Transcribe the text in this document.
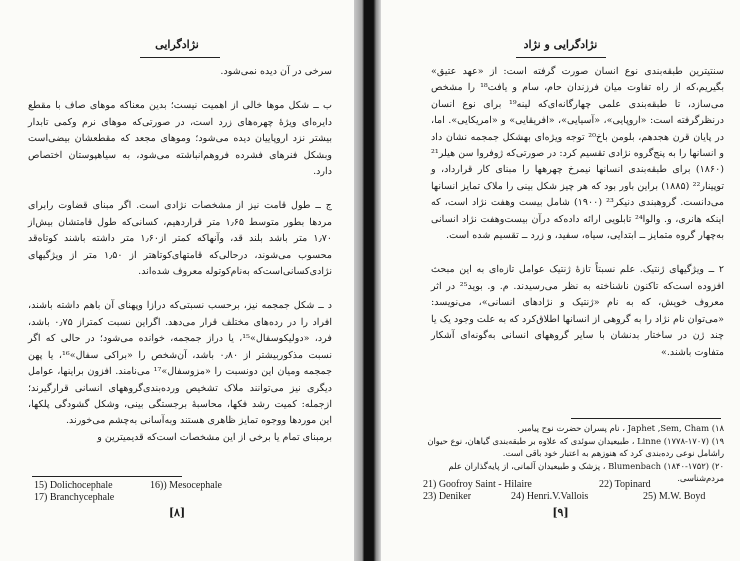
نژادگرایی

سرخی در آن دیده نمی‌شود.

ب ــ شکل موها خالی از اهمیت نیست؛ بدین معناکه موهای صاف با مقطع دایره‌ای ویژهٔ چهره‌های زرد است، در صورتی‌که موهای نرم وکمی تابدار بیشتر نزد اروپاییان دیده می‌شود؛ وموهای مجعد که مقطعشان بیضی‌است وبشکل فنرهای فشرده فروهم‌انباشته می‌شود، به سیاهپوستان اختصاص دارد.

ج ــ طول قامت نیز از مشخصات نژادی است. اگر مبنای قضاوت رابرای مردها بطور متوسط ۱٫۶۵ متر قراردهیم، کسانی‌که طول قامتشان بیش‌از ۱٫۷۰ متر باشد بلند قد، وآنهاکه کمتر از۱٫۶۰ متر داشته باشند کوتاه‌قد محسوب می‌شوند، درحالی‌که قامتهای‌کوتاهتر از ۱٫۵۰ متر از ویژگیهای نژادی‌کسانی‌است‌که به‌نام‌کوتوله معروف شده‌اند.

د ــ شکل جمجمه نیز، برحسب نسبتی‌که درازا وپهنای آن باهم داشته باشند، افراد را در رده‌های مختلف قرار می‌دهد. اگراین نسبت کمتراز ۰٫۷۵ باشد، فرد، «دولیکوسفال»¹⁵، یا دراز جمجمه، خوانده می‌شود؛ در حالی که اگر نسبت مذکوربیشتر از ۰٫۸۰ باشد، آن‌شخص را «براکی سفال»¹⁶، یا پهن جمجمه ومیان این دونسبت را «مزوسفال»¹⁷ می‌نامند. افزون براینها، عوامل دیگری نیز می‌توانند ملاک تشخیص ورده‌بندی‌گروههای انسانی قرارگیرند؛ ازجمله: کمیت رشد فکها، محاسبهٔ برجستگی بینی، وشکل گشودگی پلکها، این موردها ووجوه تمایز ظاهری هستند وبه‌آسانی به‌چشم می‌خورند.

برمبنای تمام یا برخی از این مشخصات است‌که قدیمیترین و

15) Dolichocephale	16)) Mesocephale
17) Branchycephale
[۸]
نژادگرایی و نژاد

سنتیترین طبقه‌بندی نوع انسان صورت گرفته است: از «عهد عتیق» بگیریم،که از راه تفاوت میان فرزندان حام، سام و یافت¹⁸ را مشخص می‌سازد، تا طبقه‌بندی علمی چهارگانه‌ای‌که لینه¹⁹ برای نوع انسان درنظرگرفته است: «اروپایی»، «آسیایی»، «افریقایی» و «امریکایی». اما، در پایان قرن هجدهم، بلومن باخ²⁰ توجه ویژه‌ای بهشکل جمجمه نشان داد و انسانها را به پنج‌گروه نژادی تقسیم کرد: در صورتی‌که ژوفروا سن هیلر²¹ (۱۸۶۰) برای طبقه‌بندی انسانها نیمرخ چهرهها را مبنای کار قرارداد، و توپینار²² (۱۸۸۵) براین باور بود که هر چیز شکل بینی را ملاک تمایز انسانها می‌دانست. گروهبندی دنیکر²³ (۱۹۰۰) شامل بیست وهفت نژاد است، که اینکه هانری، و. والوا²⁴ تابلویی ارائه داده‌که درآن بیست‌وهفت نژاد انسانی به‌چهار گروه متمایز ــ ابتدایی، سیاه، سفید، و زرد ــ تقسیم شده است.

۲ ــ ویژگیهای ژنتیک. علم نسبتاً تازهٔ ژنتیک عوامل تازه‌ای به این مبحث افزوده است‌که تاکنون ناشناخته به نظر می‌رسیدند. م. و. بوید²⁵ در اثر معروف خویش، که به نام «ژنتیک و نژادهای انسانی»، می‌نویسد: «می‌توان نام نژاد را به گروهی از انسانها اطلاق‌کرد که به علت وجود یک یا چند ژن در ساختار بدنشان با سایر گروههای انسانی به‌گونه‌ای آشکار متفاوت باشند.»

۱۸) Japhet ,Sem, Cham ، نام پسران حضرت نوح پیامبر.
۱۹) Linne (۱۷۷۸-۱۷۰۷) ، طبیعیدان سوئدی که علاوه بر طبقه‌بندی گیاهان، نوع حیوان راشامل نوعی رده‌بندی کرد که هنوزهم به اعتبار خود باقی است.
۲۰) Blumenbach (۱۸۴۰-۱۷۵۲) ، پزشک و طبیعیدان آلمانی، از پایه‌گذاران علم مردم‌شناسی.
21) Goofroy Saint - Hilaire	22) Topinard
23) Deniker	24) Henri.V.Vallois	25) M.W. Boyd
[۹]
